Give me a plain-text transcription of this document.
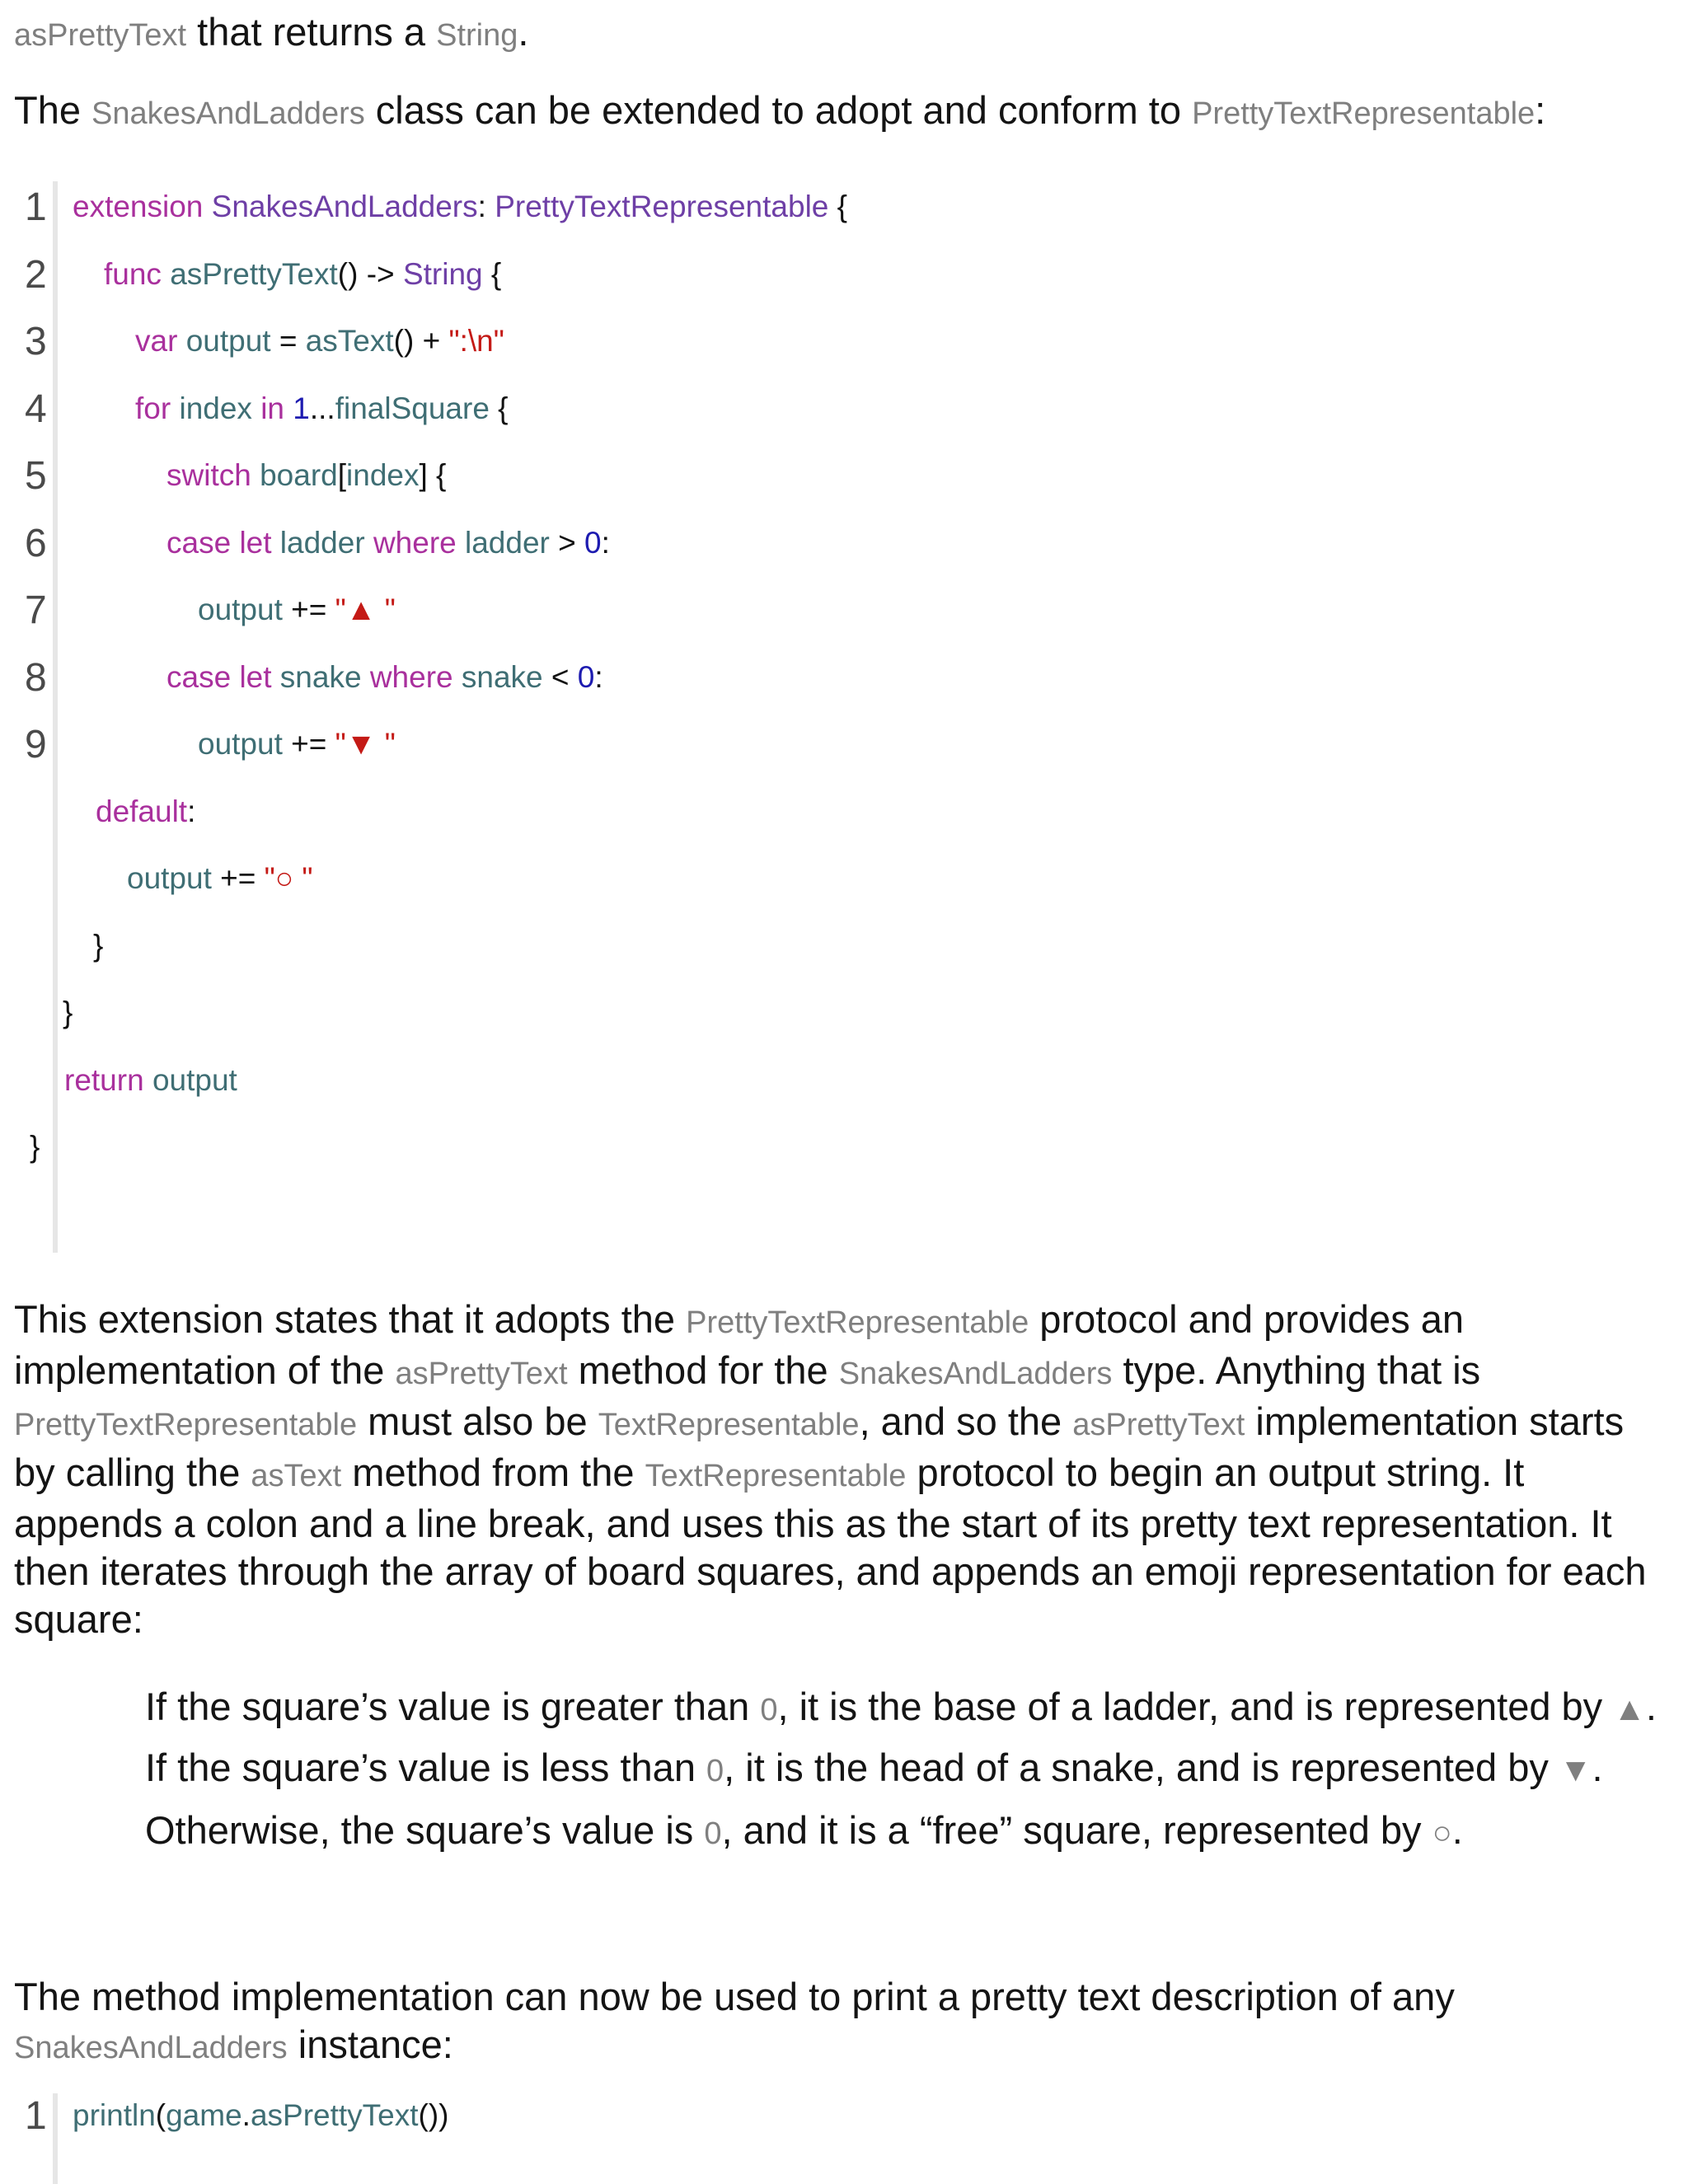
asPrettyText that returns a String.

The SnakesAndLadders class can be extended to adopt and conform to PrettyTextRepresentable:

1 extension SnakesAndLadders: PrettyTextRepresentable {
2	func asPrettyText() -> String {
3	var output = asText() + ":\n"
4	for index in 1...finalSquare {
5	switch board[index] {
6	case let ladder where ladder > 0:
7	output += "▲ "
8	case let snake where snake < 0:
9	output += "▼ "
default:
output += "○ "
}
}
return output
}

This extension states that it adopts the PrettyTextRepresentable protocol and provides an implementation of the asPrettyText method for the SnakesAndLadders type. Anything that is PrettyTextRepresentable must also be TextRepresentable, and so the asPrettyText implementation starts by calling the asText method from the TextRepresentable protocol to begin an output string. It appends a colon and a line break, and uses this as the start of its pretty text representation. It then iterates through the array of board squares, and appends an emoji representation for each square:

If the square’s value is greater than 0, it is the base of a ladder, and is represented by ▲.
If the square’s value is less than 0, it is the head of a snake, and is represented by ▼.
Otherwise, the square’s value is 0, and it is a “free” square, represented by ○.

The method implementation can now be used to print a pretty text description of any SnakesAndLadders instance:

1 println(game.asPrettyText())
